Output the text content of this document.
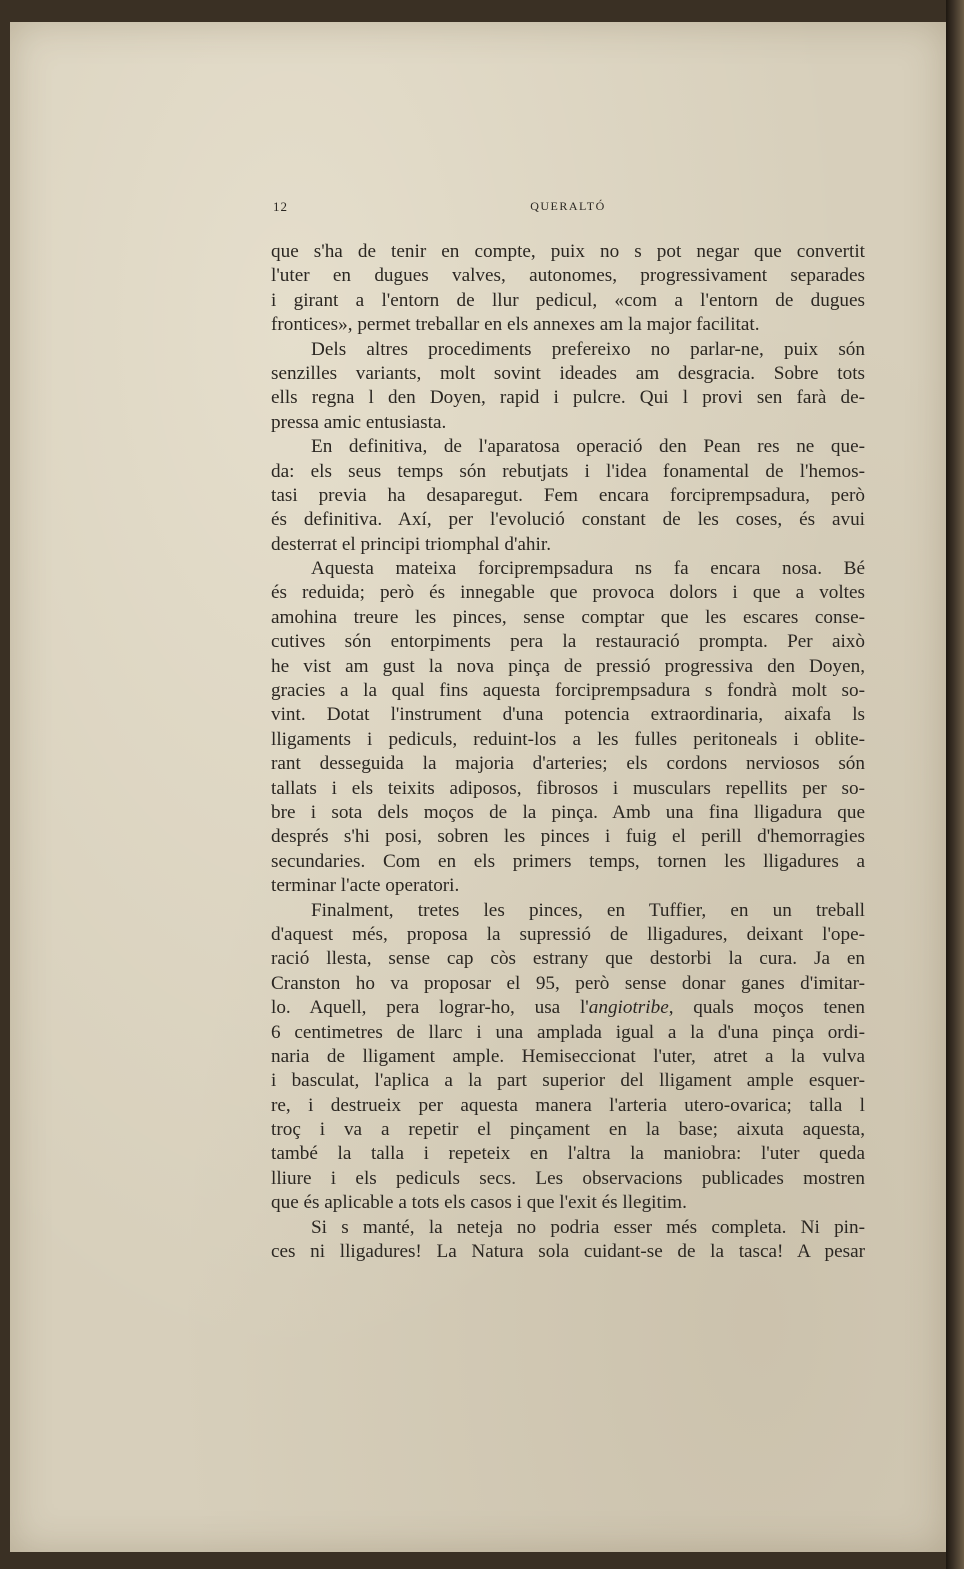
12	QUERALTÓ
que s'ha de tenir en compte, puix no s pot negar que convertit
l'uter en dugues valves, autonomes, progressivament separades
i girant a l'entorn de llur pedicul, «com a l'entorn de dugues
frontices», permet treballar en els annexes am la major facilitat.
Dels altres procediments prefereixo no parlar-ne, puix són
senzilles variants, molt sovint ideades am desgracia. Sobre tots
ells regna l den Doyen, rapid i pulcre. Qui l provi sen farà de-
pressa amic entusiasta.
En definitiva, de l'aparatosa operació den Pean res ne que-
da: els seus temps són rebutjats i l'idea fonamental de l'hemos-
tasi previa ha desaparegut. Fem encara forciprempsadura, però
és definitiva. Axí, per l'evolució constant de les coses, és avui
desterrat el principi triomphal d'ahir.
Aquesta mateixa forciprempsadura ns fa encara nosa. Bé
és reduida; però és innegable que provoca dolors i que a voltes
amohina treure les pinces, sense comptar que les escares conse-
cutives són entorpiments pera la restauració prompta. Per això
he vist am gust la nova pinça de pressió progressiva den Doyen,
gracies a la qual fins aquesta forciprempsadura s fondrà molt so-
vint. Dotat l'instrument d'una potencia extraordinaria, aixafa ls
lligaments i pediculs, reduint-los a les fulles peritoneals i oblite-
rant desseguida la majoria d'arteries; els cordons nerviosos són
tallats i els teixits adiposos, fibrosos i musculars repellits per so-
bre i sota dels moços de la pinça. Amb una fina lligadura que
després s'hi posi, sobren les pinces i fuig el perill d'hemorragies
secundaries. Com en els primers temps, tornen les lligadures a
terminar l'acte operatori.
Finalment, tretes les pinces, en Tuffier, en un treball
d'aquest més, proposa la supressió de lligadures, deixant l'ope-
ració llesta, sense cap còs estrany que destorbi la cura. Ja en
Cranston ho va proposar el 95, però sense donar ganes d'imitar-
lo. Aquell, pera lograr-ho, usa l'angiotribe, quals moços tenen
6 centimetres de llarc i una amplada igual a la d'una pinça ordi-
naria de lligament ample. Hemiseccionat l'uter, atret a la vulva
i basculat, l'aplica a la part superior del lligament ample esquer-
re, i destrueix per aquesta manera l'arteria utero-ovarica; talla l
troç i va a repetir el pinçament en la base; aixuta aquesta,
també la talla i repeteix en l'altra la maniobra: l'uter queda
lliure i els pediculs secs. Les observacions publicades mostren
que és aplicable a tots els casos i que l'exit és llegitim.
Si s manté, la neteja no podria esser més completa. Ni pin-
ces ni lligadures! La Natura sola cuidant-se de la tasca! A pesar
